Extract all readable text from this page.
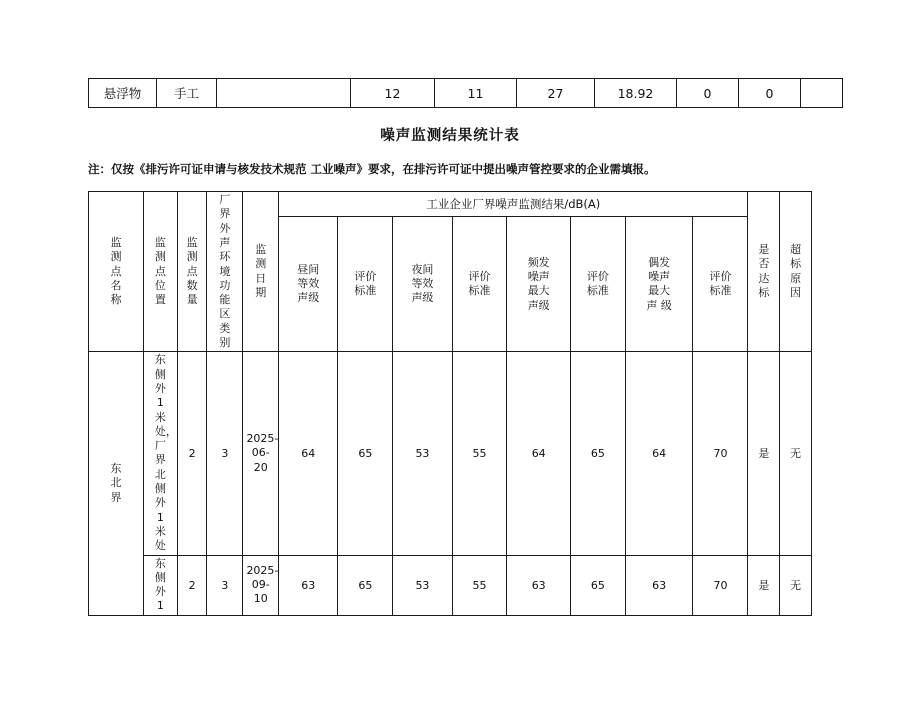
悬浮物	手工		12	11	27	18.92	0	0	
噪声监测结果统计表
注：仅按《排污许可证申请与核发技术规范 工业噪声》要求，在排污许可证中提出噪声管控要求的企业需填报。
监测点名称	监测点位置	监测点数量	厂界外声环境功能区类别	监测日期	工业企业厂界噪声监测结果/dB(A)								是否达标	超标原因

					昼间等效声级	评价标准	夜间等效声级	评价标准	频发噪声最大声级	评价标准	偶发噪声最大声 级	评价标准		

东北界	东侧外 1 米处，厂界北侧外 1 米处	2	3	2025-06-20	64	65	53	55	64	65	64	70	是	无

	东侧外 1	2	3	2025-09-10	63	65	53	55	63	65	63	70	是	无
